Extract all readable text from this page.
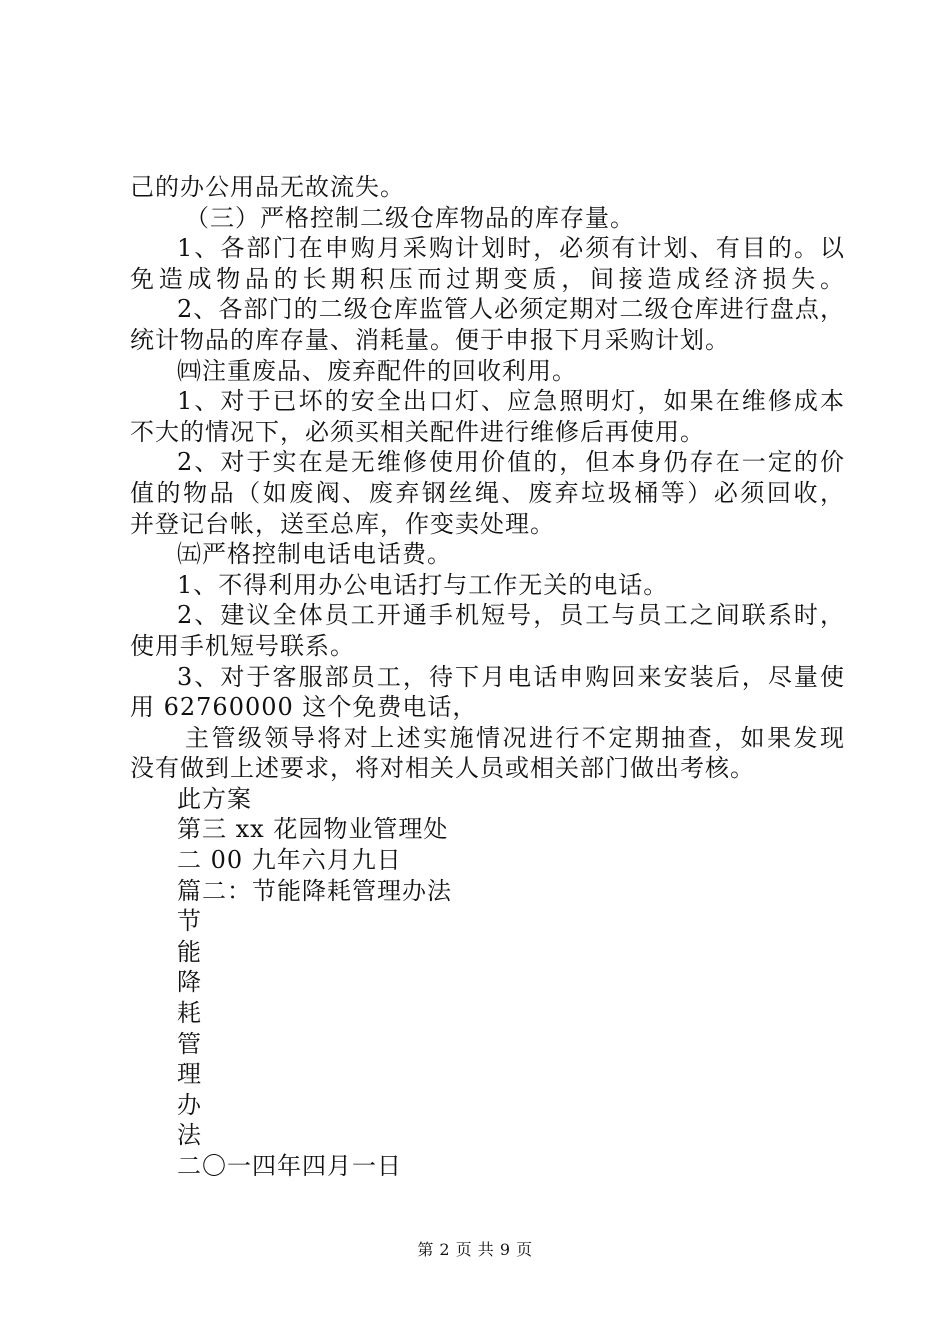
己的办公用品无故流失。
（三）严格控制二级仓库物品的库存量。
1、各部门在申购月采购计划时，必须有计划、有目的。以
免造成物品的长期积压而过期变质，间接造成经济损失。
2、各部门的二级仓库监管人必须定期对二级仓库进行盘点，
统计物品的库存量、消耗量。便于申报下月采购计划。
㈣注重废品、废弃配件的回收利用。
1、对于已坏的安全出口灯、应急照明灯，如果在维修成本
不大的情况下，必须买相关配件进行维修后再使用。
2、对于实在是无维修使用价值的，但本身仍存在一定的价
值的物品（如废阀、废弃钢丝绳、废弃垃圾桶等）必须回收，
并登记台帐，送至总库，作变卖处理。
㈤严格控制电话电话费。
1、不得利用办公电话打与工作无关的电话。
2、建议全体员工开通手机短号，员工与员工之间联系时，
使用手机短号联系。
3、对于客服部员工，待下月电话申购回来安装后，尽量使
用 62760000 这个免费电话，
主管级领导将对上述实施情况进行不定期抽查，如果发现
没有做到上述要求，将对相关人员或相关部门做出考核。
此方案
第三 xx 花园物业管理处
二 00 九年六月九日
篇二：节能降耗管理办法
节
能
降
耗
管
理
办
法
二〇一四年四月一日
第 2 页 共 9 页
